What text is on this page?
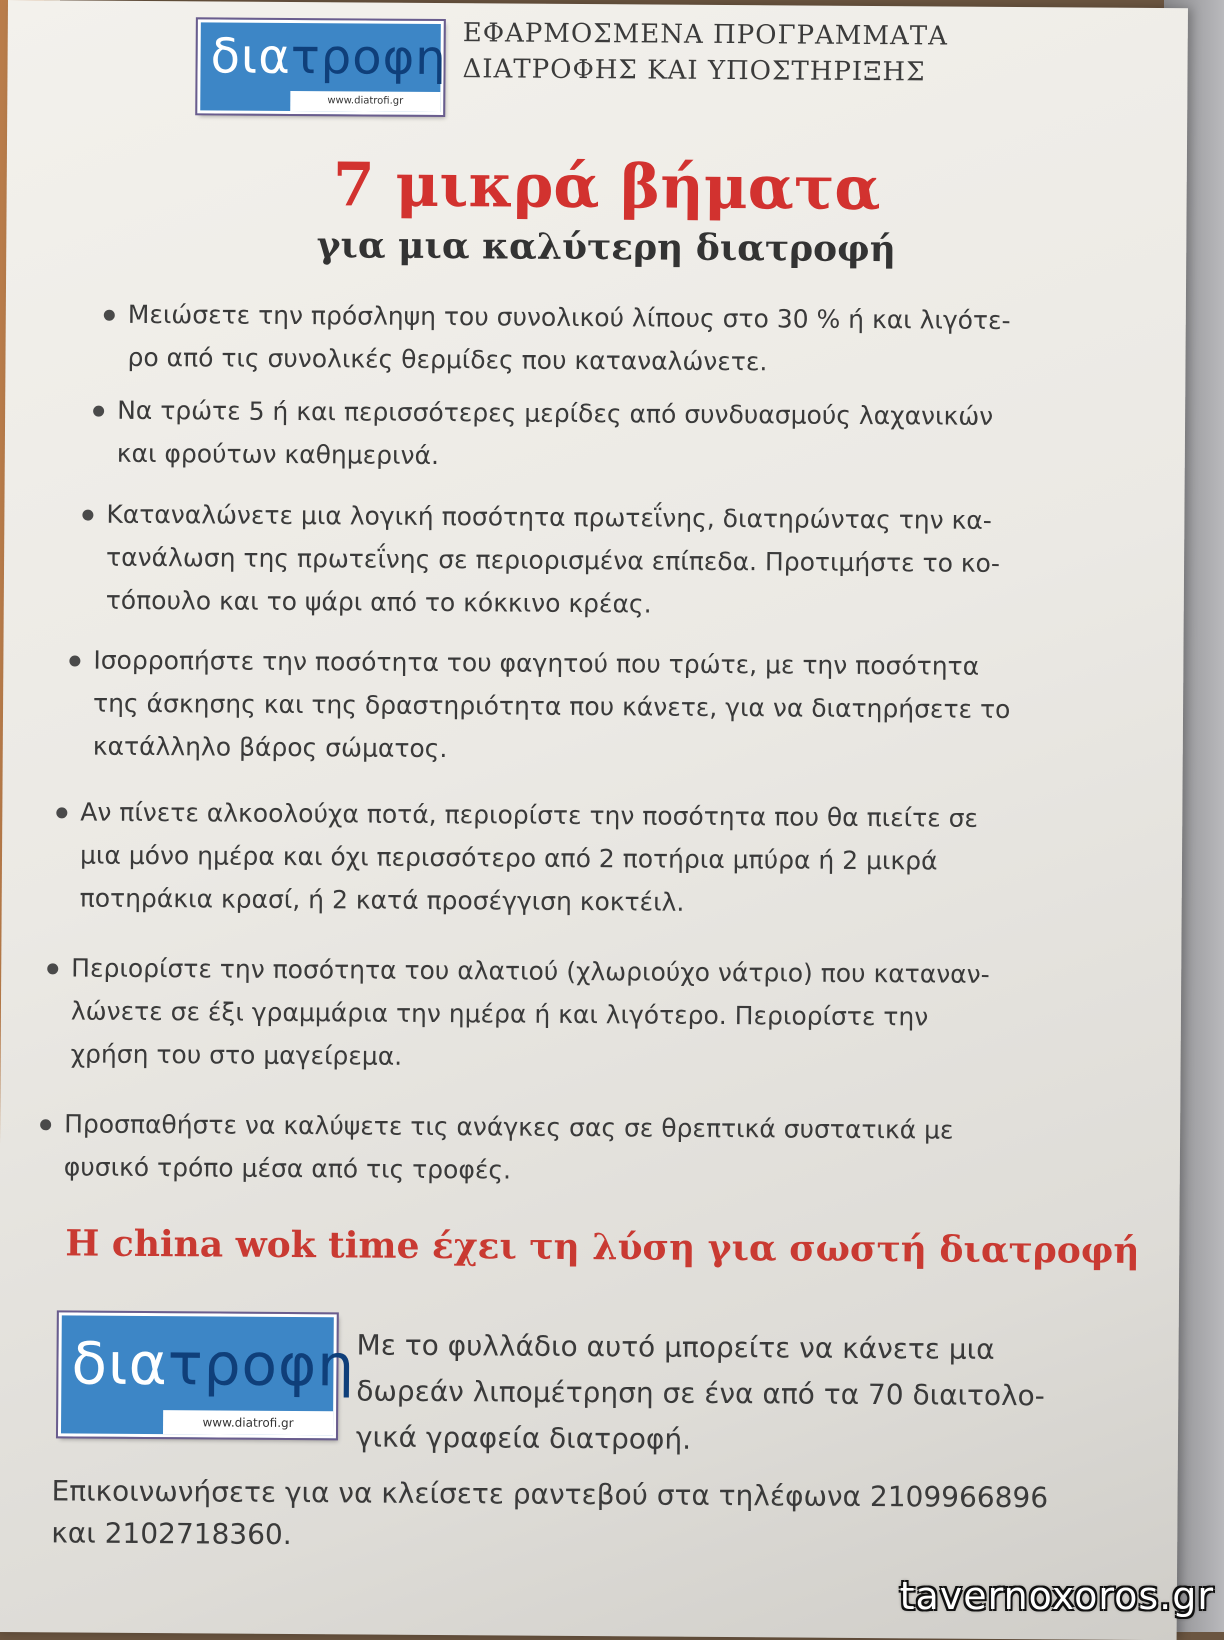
διατροφη
www.diatrofi.gr
ΕΦΑΡΜΟΣΜΕΝΑ ΠΡΟΓΡΑΜΜΑΤΑ
ΔΙΑΤΡΟΦΗΣ ΚΑΙ ΥΠΟΣΤΗΡΙΞΗΣ
7 μικρά βήματα
για μια καλύτερη διατροφή
Μειώσετε την πρόσληψη του συνολικού λίπους στο 30 % ή και λιγότε-
ρο από τις συνολικές θερμίδες που καταναλώνετε.
Να τρώτε 5 ή και περισσότερες μερίδες από συνδυασμούς λαχανικών
και φρούτων καθημερινά.
Καταναλώνετε μια λογική ποσότητα πρωτεΐνης, διατηρώντας την κα-
τανάλωση της πρωτεΐνης σε περιορισμένα επίπεδα. Προτιμήστε το κο-
τόπουλο και το ψάρι από το κόκκινο κρέας.
Ισορροπήστε την ποσότητα του φαγητού που τρώτε, με την ποσότητα
της άσκησης και της δραστηριότητα που κάνετε, για να διατηρήσετε το
κατάλληλο βάρος σώματος.
Αν πίνετε αλκοολούχα ποτά, περιορίστε την ποσότητα που θα πιείτε σε
μια μόνο ημέρα και όχι περισσότερο από 2 ποτήρια μπύρα ή 2 μικρά
ποτηράκια κρασί, ή 2 κατά προσέγγιση κοκτέιλ.
Περιορίστε την ποσότητα του αλατιού (χλωριούχο νάτριο) που καταναν-
λώνετε σε έξι γραμμάρια την ημέρα ή και λιγότερο. Περιορίστε την
χρήση του στο μαγείρεμα.
Προσπαθήστε να καλύψετε τις ανάγκες σας σε θρεπτικά συστατικά με
φυσικό τρόπο μέσα από τις τροφές.
Η china wok time έχει τη λύση για σωστή διατροφή
διατροφη
www.diatrofi.gr
Με το φυλλάδιο αυτό μπορείτε να κάνετε μια
δωρεάν λιπομέτρηση σε ένα από τα 70 διαιτολο-
γικά γραφεία διατροφή.
Επικοινωνήσετε για να κλείσετε ραντεβού στα τηλέφωνα 2109966896
και 2102718360.
tavernoxoros.gr
